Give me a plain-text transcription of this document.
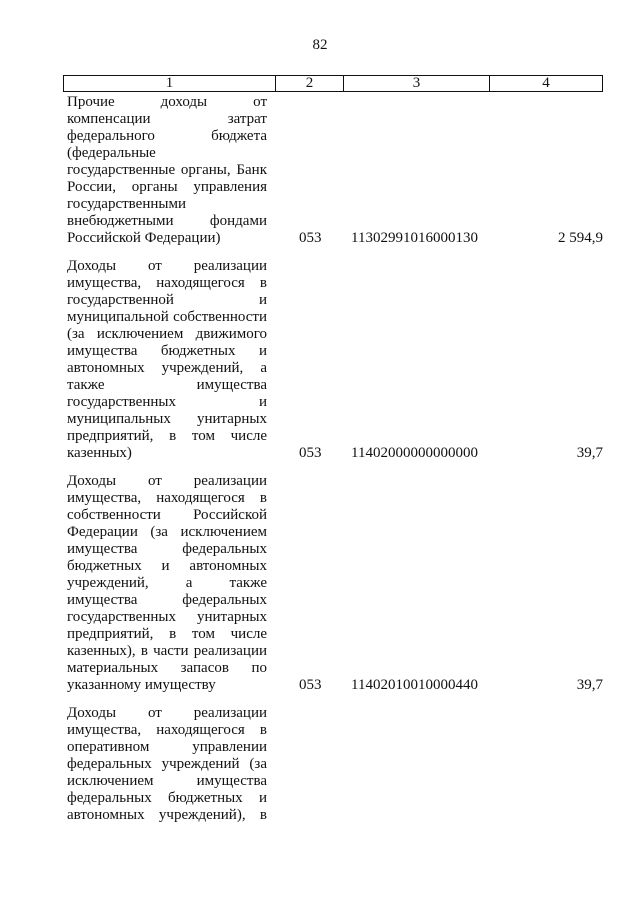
82
1	2	3	4
Прочие доходы от
компенсации затрат
федерального бюджета
(федеральные
государственные органы, Банк
России, органы управления
государственными
внебюджетными фондами
Российской Федерации)	053	11302991016000130	2 594,9
Доходы от реализации
имущества, находящегося в
государственной и
муниципальной собственности
(за исключением движимого
имущества бюджетных и
автономных учреждений, а
также имущества
государственных и
муниципальных унитарных
предприятий, в том числе
казенных)	053	11402000000000000	39,7
Доходы от реализации
имущества, находящегося в
собственности Российской
Федерации (за исключением
имущества федеральных
бюджетных и автономных
учреждений, а также
имущества федеральных
государственных унитарных
предприятий, в том числе
казенных), в части реализации
материальных запасов по
указанному имуществу	053	11402010010000440	39,7
Доходы от реализации
имущества, находящегося в
оперативном управлении
федеральных учреждений (за
исключением имущества
федеральных бюджетных и
автономных учреждений), в
